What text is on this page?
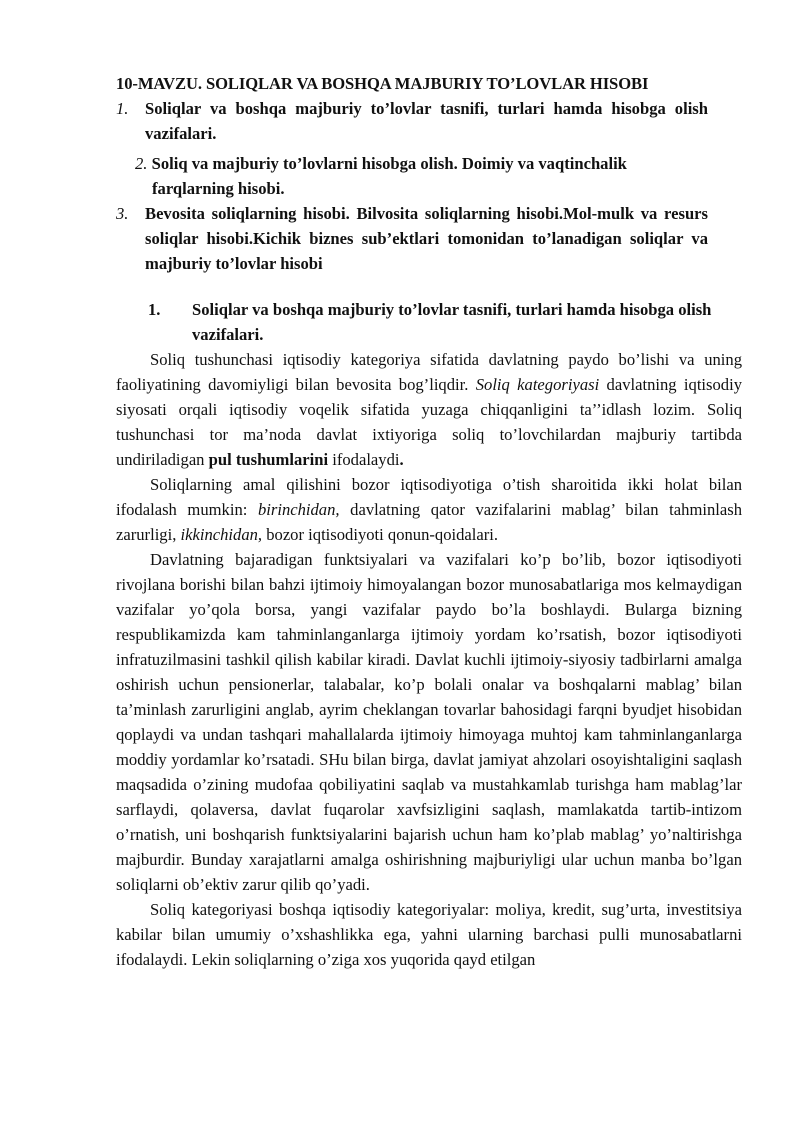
10-MAVZU. SOLIQLAR VA BOSHQA MAJBURIY TO’LOVLAR HISOBI
1. Soliqlar va boshqa majburiy to’lovlar tasnifi, turlari hamda hisobga olish vazifalari.
2. Soliq va majburiy to’lovlarni hisobga olish. Doimiy va vaqtinchalik
farqlarning hisobi.
3. Bevosita soliqlarning hisobi. Bilvosita soliqlarning hisobi.Mol-mulk va resurs soliqlar hisobi.Kichik biznes sub’ektlari tomonidan to’lanadigan soliqlar va majburiy to’lovlar hisobi
1. Soliqlar va boshqa majburiy to’lovlar tasnifi, turlari hamda hisobga olish vazifalari.

Soliq tushunchasi iqtisodiy kategoriya sifatida davlatning paydo bo’lishi va uning faoliyatining davomiyligi bilan bevosita bog’liqdir. Soliq kategoriyasi davlatning iqtisodiy siyosati orqali iqtisodiy voqelik sifatida yuzaga chiqqanligini ta’’idlash lozim. Soliq tushunchasi tor ma’noda davlat ixtiyoriga soliq to’lovchilardan majburiy tartibda undiriladigan pul tushumlarini ifodalaydi.

Soliqlarning amal qilishini bozor iqtisodiyotiga o’tish sharoitida ikki holat bilan ifodalash mumkin: birinchidan, davlatning qator vazifalarini mablag’ bilan tahminlash zarurligi, ikkinchidan, bozor iqtisodiyoti qonun-qoidalari.

Davlatning bajaradigan funktsiyalari va vazifalari ko’p bo’lib, bozor iqtisodiyoti rivojlana borishi bilan bahzi ijtimoiy himoyalangan bozor munosabatlariga mos kelmaydigan vazifalar yo’qola borsa, yangi vazifalar paydo bo’la boshlaydi. Bularga bizning respublikamizda kam tahminlanganlarga ijtimoiy yordam ko’rsatish, bozor iqtisodiyoti infratuzilmasini tashkil qilish kabilar kiradi. Davlat kuchli ijtimoiy-siyosiy tadbirlarni amalga oshirish uchun pensionerlar, talabalar, ko’p bolali onalar va boshqalarni mablag’ bilan ta’minlash zarurligini anglab, ayrim cheklangan tovarlar bahosidagi farqni byudjet hisobidan qoplaydi va undan tashqari mahallalarda ijtimoiy himoyaga muhtoj kam tahminlanganlarga moddiy yordamlar ko’rsatadi. SHu bilan birga, davlat jamiyat ahzolari osoyishtaligini saqlash maqsadida o’zining mudofaa qobiliyatini saqlab va mustahkamlab turishga ham mablag’lar sarflaydi, qolaversa, davlat fuqarolar xavfsizligini saqlash, mamlakatda tartib-intizom o’rnatish, uni boshqarish funktsiyalarini bajarish uchun ham ko’plab mablag’ yo’naltirishga majburdir. Bunday xarajatlarni amalga oshirishning majburiyligi ular uchun manba bo’lgan soliqlarni ob’ektiv zarur qilib qo’yadi.

Soliq kategoriyasi boshqa iqtisodiy kategoriyalar: moliya, kredit, sug’urta, investitsiya kabilar bilan umumiy o’xshashlikka ega, yahni ularning barchasi pulli munosabatlarni ifodalaydi. Lekin soliqlarning o’ziga xos yuqorida qayd etilgan
